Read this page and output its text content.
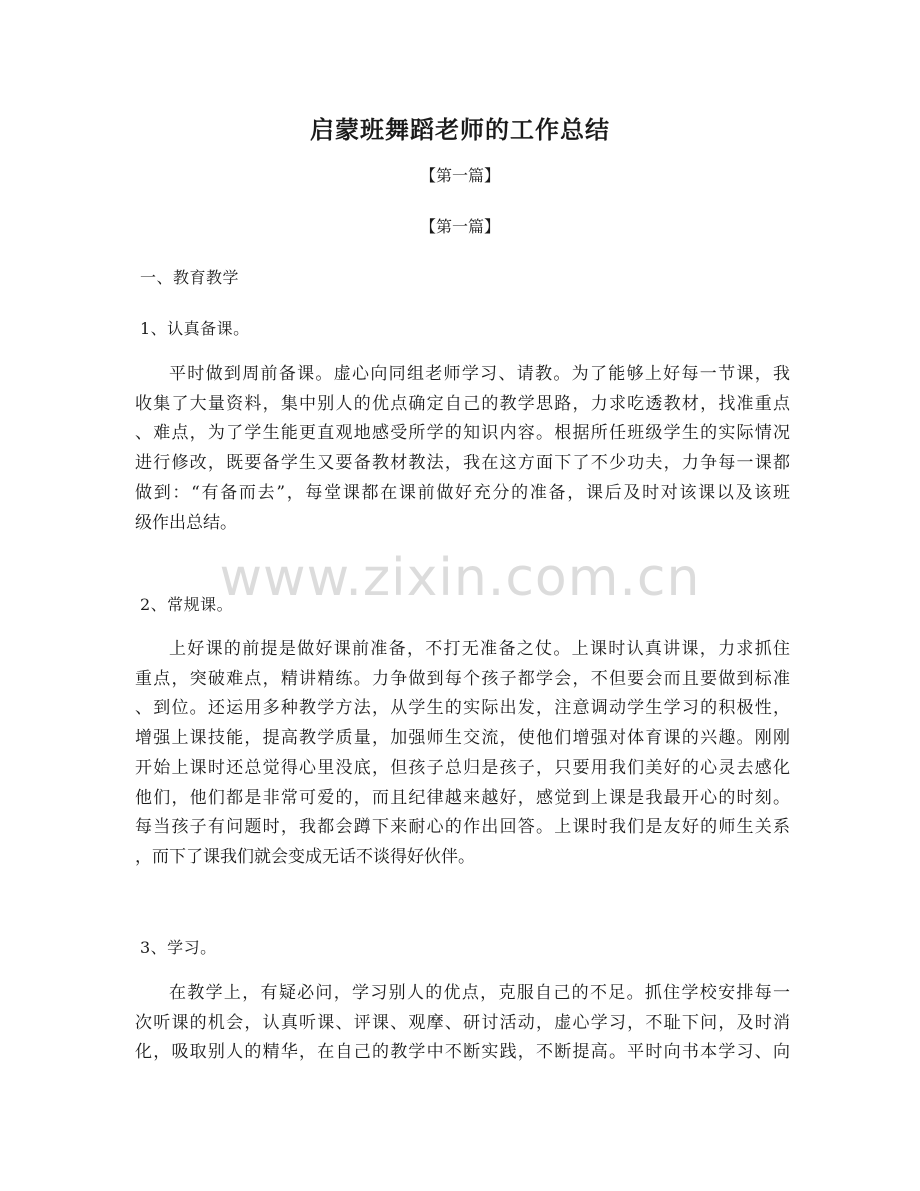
启蒙班舞蹈老师的工作总结
【第一篇】
【第一篇】
一、教育教学
1、认真备课。
平时做到周前备课。虚心向同组老师学习、请教。为了能够上好每一节课，我
收集了大量资料，集中别人的优点确定自己的教学思路，力求吃透教材，找准重点
、难点，为了学生能更直观地感受所学的知识内容。根据所任班级学生的实际情况
进行修改，既要备学生又要备教材教法，我在这方面下了不少功夫，力争每一课都
做到：“有备而去”，每堂课都在课前做好充分的准备，课后及时对该课以及该班
级作出总结。
2、常规课。
上好课的前提是做好课前准备，不打无准备之仗。上课时认真讲课，力求抓住
重点，突破难点，精讲精练。力争做到每个孩子都学会，不但要会而且要做到标准
、到位。还运用多种教学方法，从学生的实际出发，注意调动学生学习的积极性，
增强上课技能，提高教学质量，加强师生交流，使他们增强对体育课的兴趣。刚刚
开始上课时还总觉得心里没底，但孩子总归是孩子，只要用我们美好的心灵去感化
他们，他们都是非常可爱的，而且纪律越来越好，感觉到上课是我最开心的时刻。
每当孩子有问题时，我都会蹲下来耐心的作出回答。上课时我们是友好的师生关系
，而下了课我们就会变成无话不谈得好伙伴。
3、学习。
在教学上，有疑必问，学习别人的优点，克服自己的不足。抓住学校安排每一
次听课的机会，认真听课、评课、观摩、研讨活动，虚心学习，不耻下问，及时消
化，吸取别人的精华，在自己的教学中不断实践，不断提高。平时向书本学习、向
www.zixin.com.cn
